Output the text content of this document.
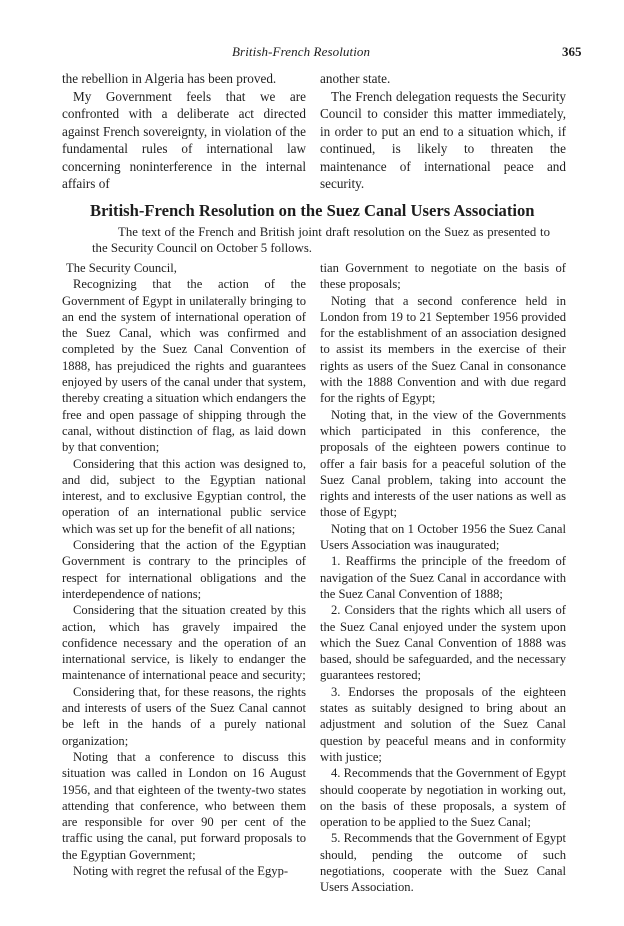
British-French Resolution	365

the rebellion in Algeria has been proved.

My Government feels that we are confronted with a deliberate act directed against French sovereignty, in violation of the fundamental rules of international law concerning noninterference in the internal affairs of

another state.

The French delegation requests the Security Council to consider this matter immediately, in order to put an end to a situation which, if continued, is likely to threaten the maintenance of international peace and security.

British-French Resolution on the Suez Canal Users Association
The text of the French and British joint draft resolution on the Suez as presented to the Security Council on October 5 follows.

The Security Council,

Recognizing that the action of the Government of Egypt in unilaterally bringing to an end the system of international operation of the Suez Canal, which was confirmed and completed by the Suez Canal Convention of 1888, has prejudiced the rights and guarantees enjoyed by users of the canal under that system, thereby creating a situation which endangers the free and open passage of shipping through the canal, without distinction of flag, as laid down by that convention;

Considering that this action was designed to, and did, subject to the Egyptian national interest, and to exclusive Egyptian control, the operation of an international public service which was set up for the benefit of all nations;

Considering that the action of the Egyptian Government is contrary to the principles of respect for international obligations and the interdependence of nations;

Considering that the situation created by this action, which has gravely impaired the confidence necessary and the operation of an international service, is likely to endanger the maintenance of international peace and security;

Considering that, for these reasons, the rights and interests of users of the Suez Canal cannot be left in the hands of a purely national organization;

Noting that a conference to discuss this situation was called in London on 16 August 1956, and that eighteen of the twenty-two states attending that conference, who between them are responsible for over 90 per cent of the traffic using the canal, put forward proposals to the Egyptian Government;

Noting with regret the refusal of the Egyp-

tian Government to negotiate on the basis of these proposals;

Noting that a second conference held in London from 19 to 21 September 1956 provided for the establishment of an association designed to assist its members in the exercise of their rights as users of the Suez Canal in consonance with the 1888 Convention and with due regard for the rights of Egypt;

Noting that, in the view of the Governments which participated in this conference, the proposals of the eighteen powers continue to offer a fair basis for a peaceful solution of the Suez Canal problem, taking into account the rights and interests of the user nations as well as those of Egypt;

Noting that on 1 October 1956 the Suez Canal Users Association was inaugurated;

1. Reaffirms the principle of the freedom of navigation of the Suez Canal in accordance with the Suez Canal Convention of 1888;

2. Considers that the rights which all users of the Suez Canal enjoyed under the system upon which the Suez Canal Convention of 1888 was based, should be safeguarded, and the necessary guarantees restored;

3. Endorses the proposals of the eighteen states as suitably designed to bring about an adjustment and solution of the Suez Canal question by peaceful means and in conformity with justice;

4. Recommends that the Government of Egypt should cooperate by negotiation in working out, on the basis of these proposals, a system of operation to be applied to the Suez Canal;

5. Recommends that the Government of Egypt should, pending the outcome of such negotiations, cooperate with the Suez Canal Users Association.
